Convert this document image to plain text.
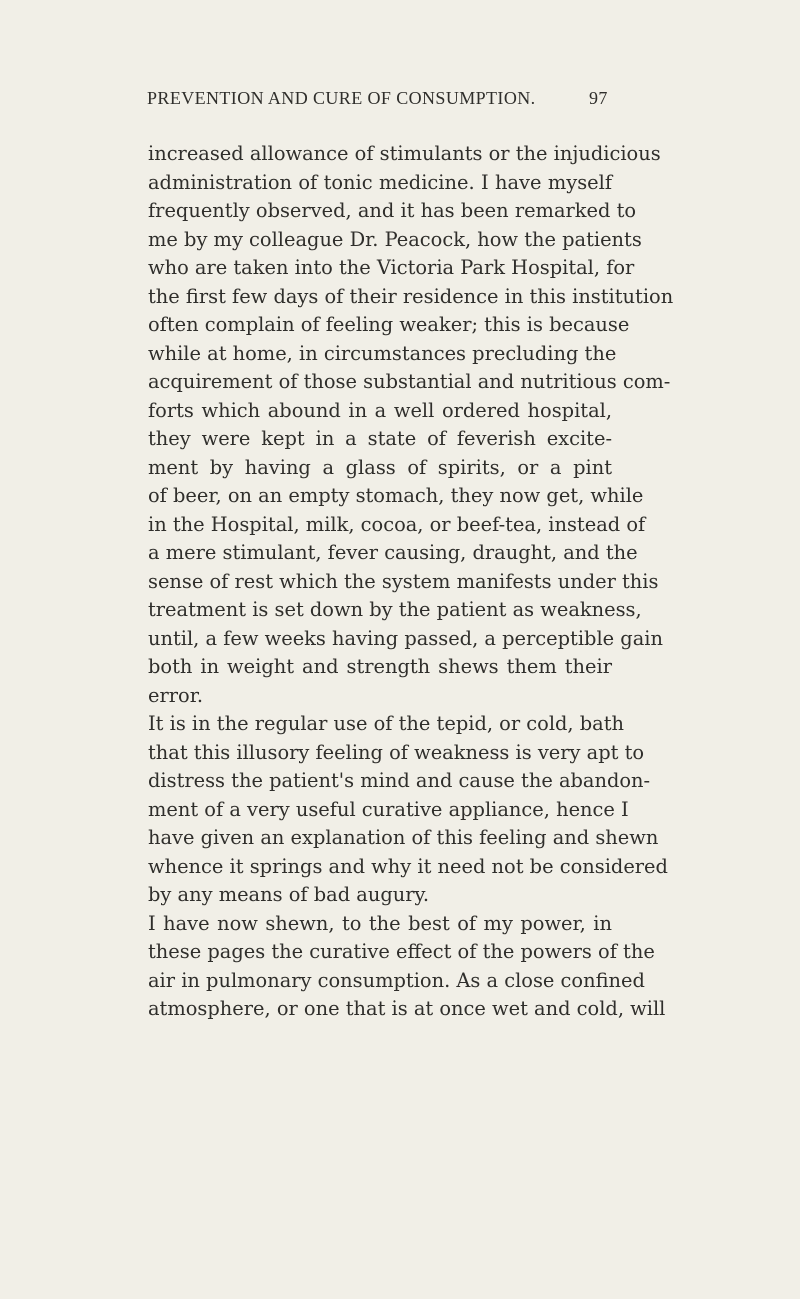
PREVENTION AND CURE OF CONSUMPTION.	97
increased allowance of stimulants or the injudicious
administration of tonic medicine. I have myself
frequently observed, and it has been remarked to
me by my colleague Dr. Peacock, how the patients
who are taken into the Victoria Park Hospital, for
the first few days of their residence in this institution
often complain of feeling weaker; this is because
while at home, in circumstances precluding the
acquirement of those substantial and nutritious com-
forts which abound in a well ordered hospital,
they were kept in a state of feverish excite-
ment by having a glass of spirits, or a pint
of beer, on an empty stomach, they now get, while
in the Hospital, milk, cocoa, or beef-tea, instead of
a mere stimulant, fever causing, draught, and the
sense of rest which the system manifests under this
treatment is set down by the patient as weakness,
until, a few weeks having passed, a perceptible gain
both in weight and strength shews them their
error.
It is in the regular use of the tepid, or cold, bath
that this illusory feeling of weakness is very apt to
distress the patient's mind and cause the abandon-
ment of a very useful curative appliance, hence I
have given an explanation of this feeling and shewn
whence it springs and why it need not be considered
by any means of bad augury.
I have now shewn, to the best of my power, in
these pages the curative effect of the powers of the
air in pulmonary consumption. As a close confined
atmosphere, or one that is at once wet and cold, will
